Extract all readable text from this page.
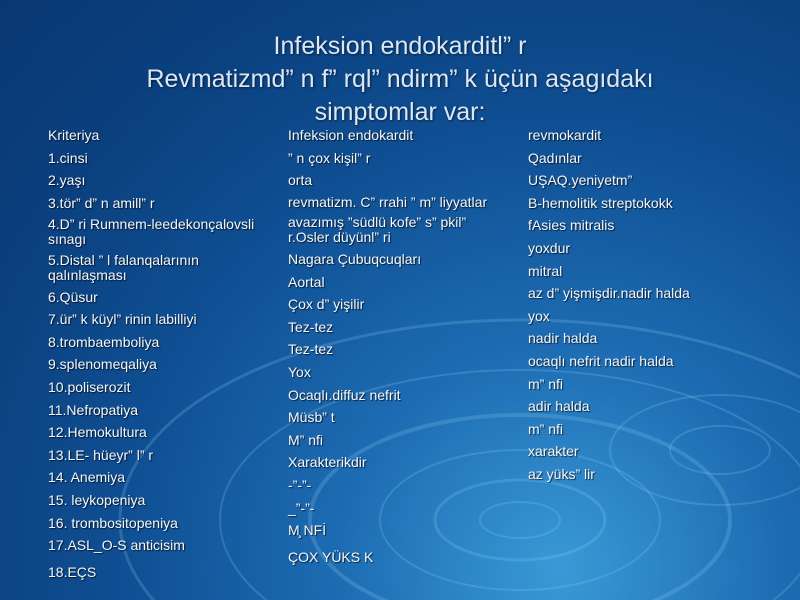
Infeksion endokarditl” r
Revmatizmd” n f” rql” ndirm” k üçün aşagıdakı
simptomlar var:
Kriteriya
1.cinsi
2.yaşı
3.tör” d” n amill” r
4.D” ri Rumnem-leedekonçalovsli sınagı
5.Distal ” l falanqalarının qalınlaşması
6.Qüsur
7.ür” k küyl” rinin labilliyi
8.trombaemboliya
9.splenomeqaliya
10.poliserozit
11.Nefropatiya
12.Hemokultura
13.LE- hüeyr” l” r
14. Anemiya
15. leykopeniya
16. trombositopeniya
17.ASL_O-S anticisim
18.EÇS
Infeksion endokardit
” n çox kişil” r
orta
revmatizm. C” rrahi ” m” liyyatlar
avazımış ”südlü kofe” s” pkil” r.Osler düyünl” ri
Nagara Çubuqcuqları
Aortal
Çox d” yişilir
Tez-tez
Tez-tez
Yox
Ocaqlı.diffuz nefrit
Müsb” t
M” nfi
Xarakterikdir
-”-”-
_”-”-
M̧ NFİ
ÇOX YÜKS K
revmokardit
Qadınlar
UŞAQ.yeniyetm”
B-hemolitik streptokokk
fAsies mitralis
yoxdur
mitral
az d” yişmişdir.nadir halda
yox
nadir halda
ocaqlı nefrit nadir halda
m” nfi
adir halda
m” nfi
xarakter
az yüks” lir
